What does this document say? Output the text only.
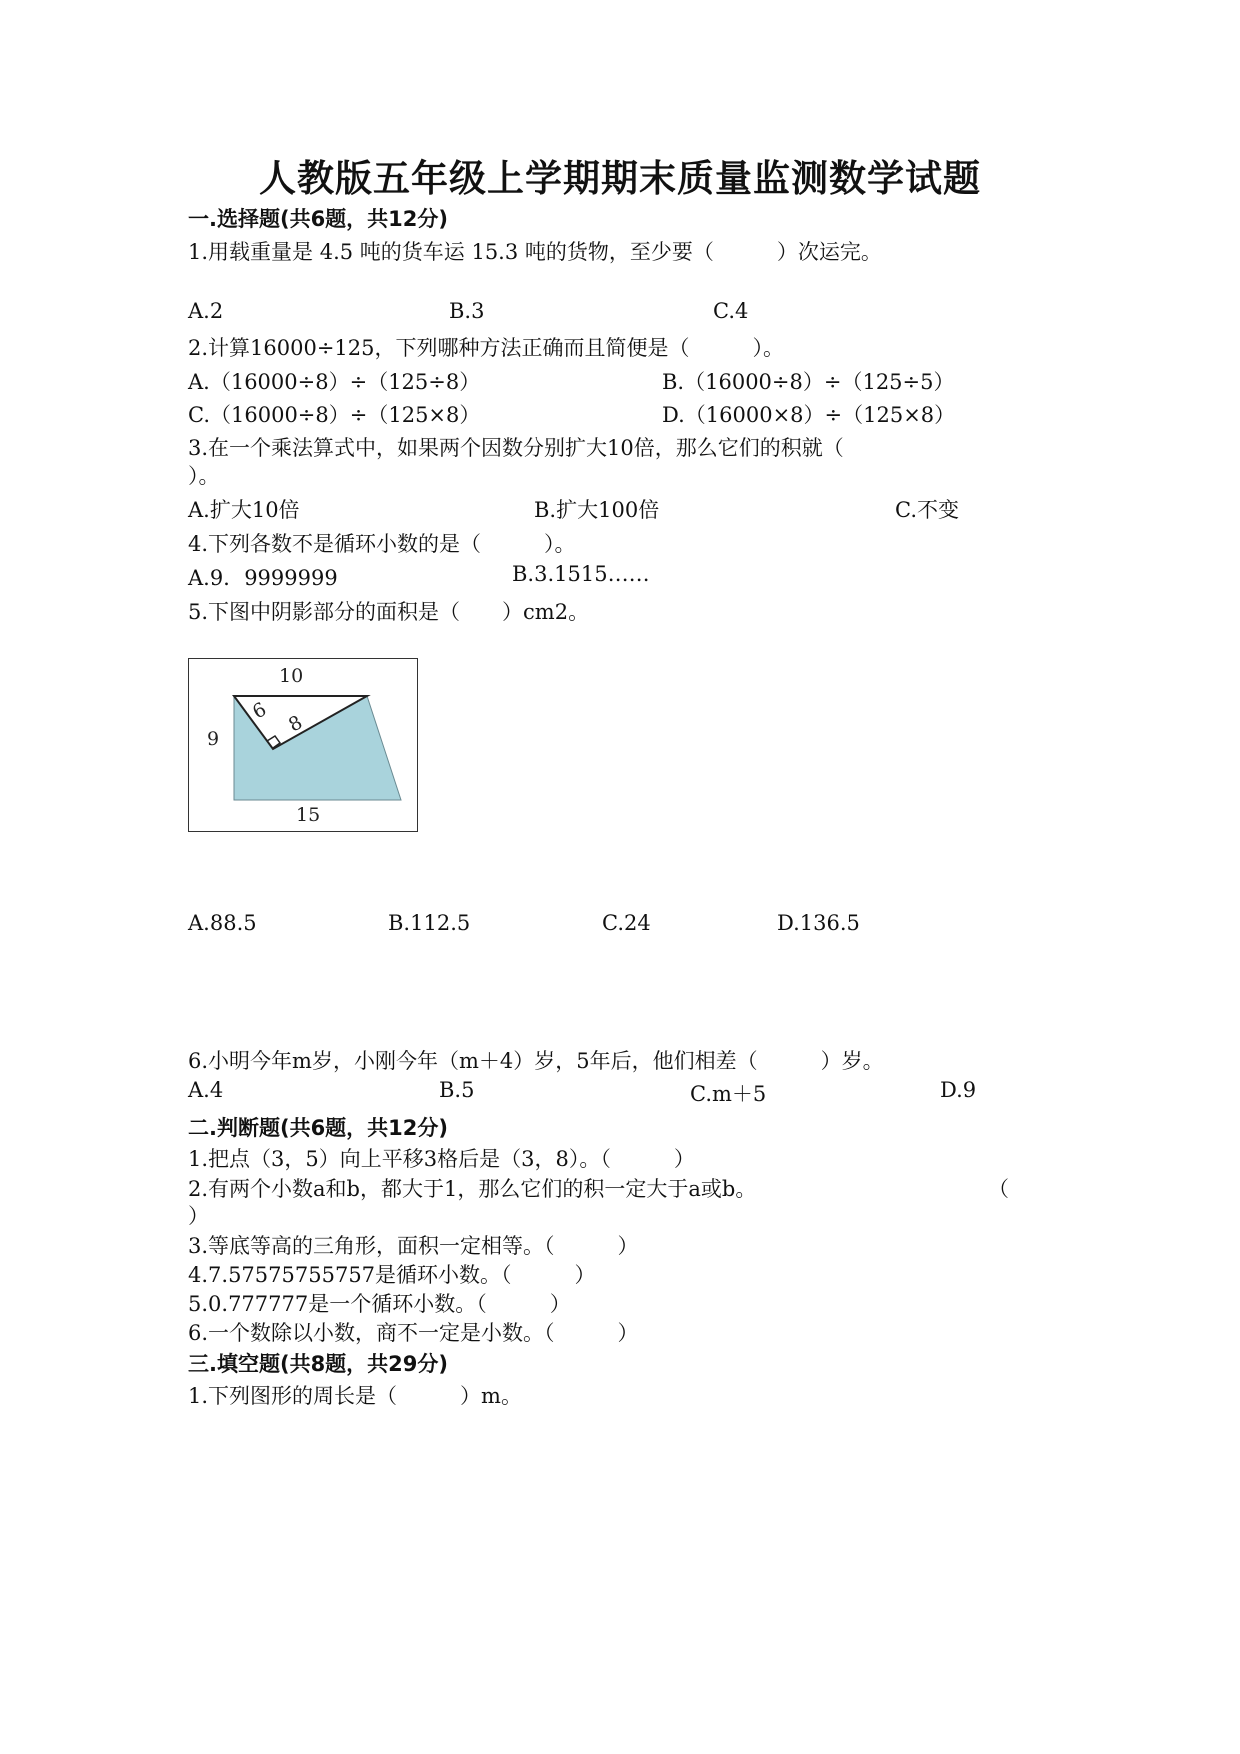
人教版五年级上学期期末质量监测数学试题
一.选择题(共6题，共12分)
1.用载重量是 4.5 吨的货车运 15.3 吨的货物，至少要（　　　）次运完。
A.2	B.3	C.4
2.计算16000÷125，下列哪种方法正确而且简便是（　　　）。
A.（16000÷8）÷（125÷8）	B.（16000÷8）÷（125÷5）
C.（16000÷8）÷（125×8）	D.（16000×8）÷（125×8）
3.在一个乘法算式中，如果两个因数分别扩大10倍，那么它们的积就（
）。
A.扩大10倍	B.扩大100倍	C.不变
4.下列各数不是循环小数的是（　　　）。
A.9．9999999	B.3.1515……
5.下图中阴影部分的面积是（　　）cm2。
10
9
15
6
8
A.88.5	B.112.5	C.24	D.136.5
6.小明今年m岁，小刚今年（m＋4）岁，5年后，他们相差（　　　）岁。
A.4	B.5	C.m＋5	D.9
二.判断题(共6题，共12分)
1.把点（3，5）向上平移3格后是（3，8）。（　　　）
2.有两个小数a和b，都大于1，那么它们的积一定大于a或b。	（
）
3.等底等高的三角形，面积一定相等。（　　　）
4.7.57575755757是循环小数。（　　　）
5.0.777777是一个循环小数。（　　　）
6.一个数除以小数，商不一定是小数。（　　　）
三.填空题(共8题，共29分)
1.下列图形的周长是（　　　）m。
